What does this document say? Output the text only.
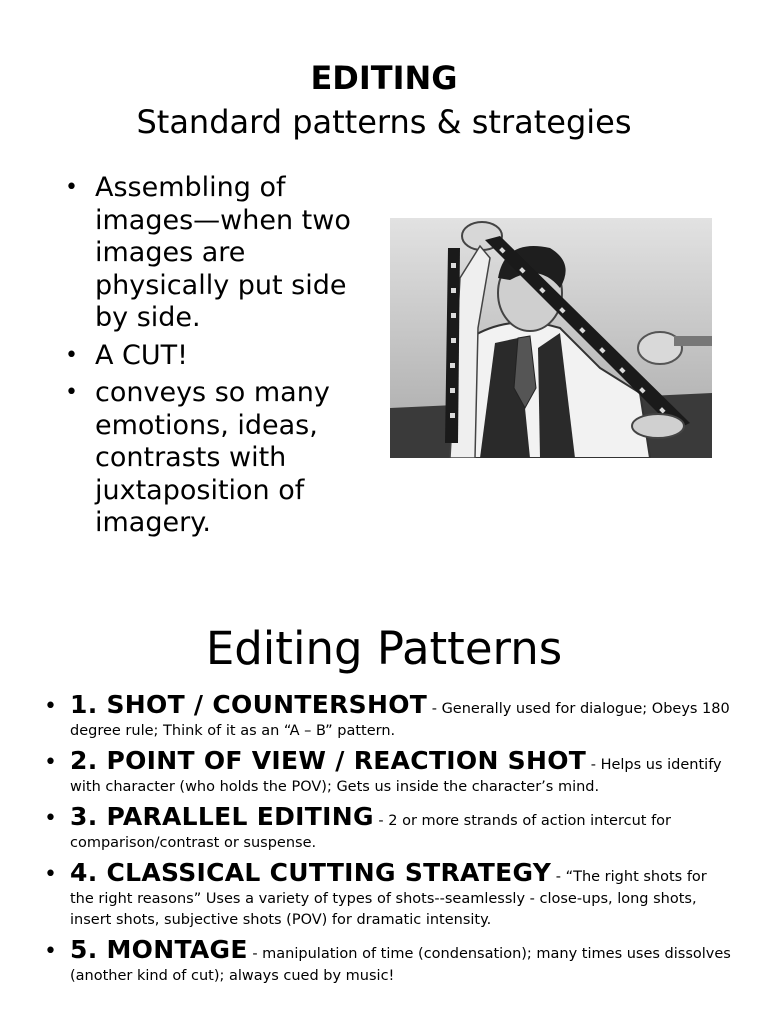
EDITING
Standard patterns & strategies
• Assembling of images—when two images are physically put side by side.
• A CUT!
• conveys so many emotions, ideas, contrasts with juxtaposition of imagery.
Editing Patterns
• 1. SHOT / COUNTERSHOT - Generally used for dialogue; Obeys 180 degree rule; Think of it as an “A – B” pattern.
• 2. POINT OF VIEW / REACTION SHOT - Helps us identify with character (who holds the POV); Gets us inside the character’s mind.
• 3. PARALLEL EDITING - 2 or more strands of action intercut for comparison/contrast or suspense.
• 4. CLASSICAL CUTTING STRATEGY - “The right shots for the right reasons” Uses a variety of types of shots--seamlessly - close-ups, long shots, insert shots, subjective shots (POV) for dramatic intensity.
• 5. MONTAGE - manipulation of time (condensation); many times uses dissolves (another kind of cut); always cued by music!
